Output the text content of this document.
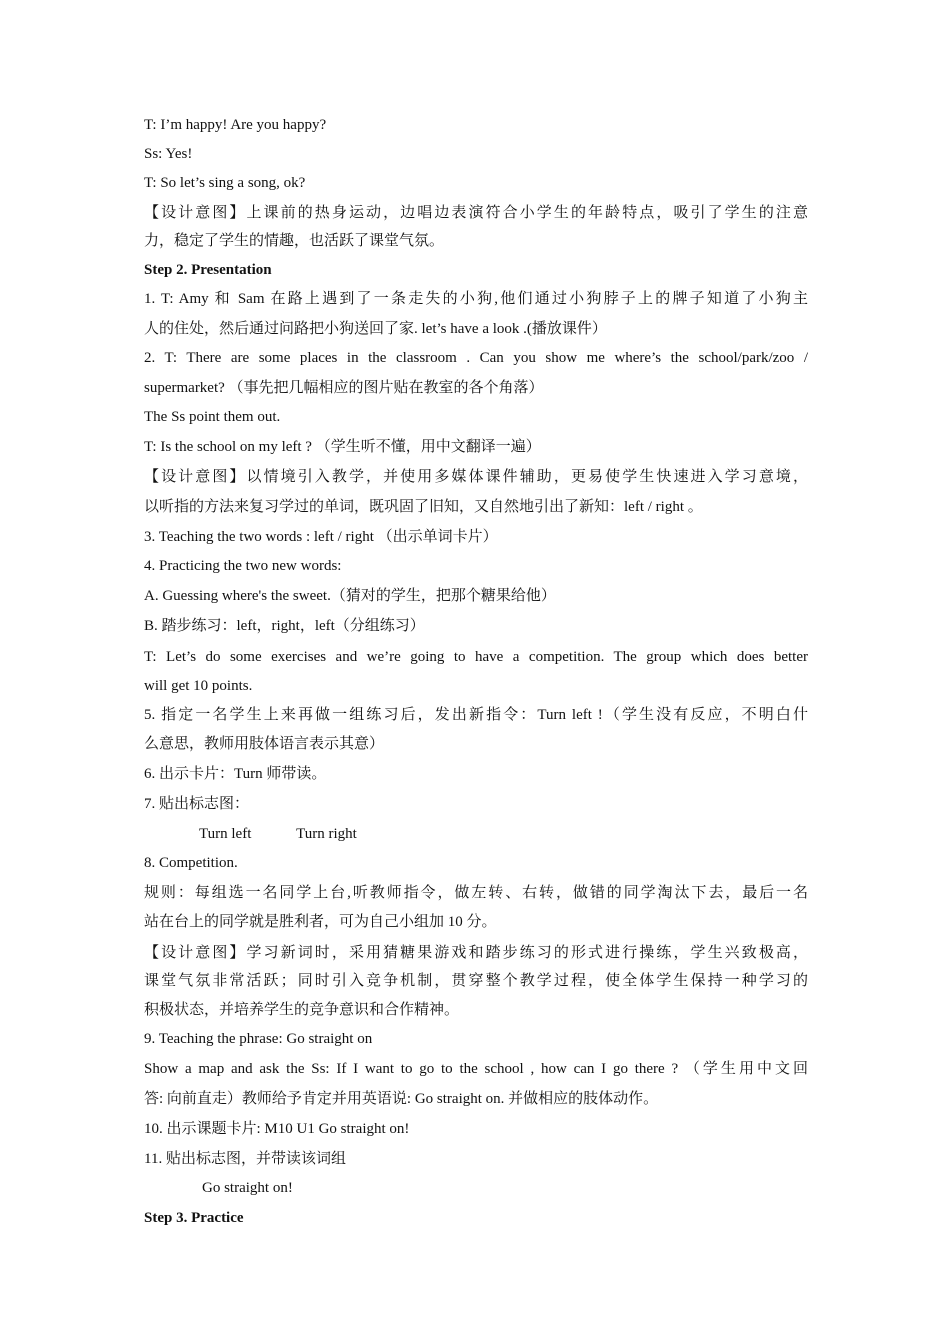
T: I’m happy! Are you happy?
Ss: Yes!
T: So let’s sing a song, ok?
【设计意图】上课前的热身运动，边唱边表演符合小学生的年龄特点，吸引了学生的注意
力，稳定了学生的情趣，也活跃了课堂气氛。
Step 2. Presentation
1. T: Amy 和 Sam 在路上遇到了一条走失的小狗,他们通过小狗脖子上的牌子知道了小狗主
人的住处，然后通过问路把小狗送回了家. let’s have a look .(播放课件）
2. T: There are some places in the classroom . Can you show me where’s the school/park/zoo /
supermarket? （事先把几幅相应的图片贴在教室的各个角落）
The Ss point them out.
T: Is the school on my left ? （学生听不懂，用中文翻译一遍）
【设计意图】以情境引入教学，并使用多媒体课件辅助，更易使学生快速进入学习意境，
以听指的方法来复习学过的单词，既巩固了旧知，又自然地引出了新知：left / right 。
3. Teaching the two words : left / right （出示单词卡片）
4. Practicing the two new words:
A. Guessing where's the sweet.（猜对的学生，把那个糖果给他）
B. 踏步练习：left，right，left（分组练习）
T: Let’s do some exercises and we’re going to have a competition. The group which does better
will get 10 points.
5. 指定一名学生上来再做一组练习后，发出新指令：Turn left !（学生没有反应，不明白什
么意思，教师用肢体语言表示其意）
6. 出示卡片：Turn 师带读。
7. 贴出标志图：
Turn left            Turn right
8. Competition.
规则：每组选一名同学上台,听教师指令，做左转、右转，做错的同学淘汰下去，最后一名
站在台上的同学就是胜利者，可为自己小组加 10 分。
【设计意图】学习新词时，采用猜糖果游戏和踏步练习的形式进行操练，学生兴致极高，
课堂气氛非常活跃；同时引入竞争机制，贯穿整个教学过程，使全体学生保持一种学习的
积极状态，并培养学生的竞争意识和合作精神。
9. Teaching the phrase: Go straight on
Show a map and ask the Ss: If I want to go to the school , how can I go there ? （学生用中文回
答: 向前直走）教师给予肯定并用英语说: Go straight on. 并做相应的肢体动作。
10. 出示课题卡片: M10 U1 Go straight on!
11. 贴出标志图，并带读该词组
Go straight on!
Step 3. Practice
